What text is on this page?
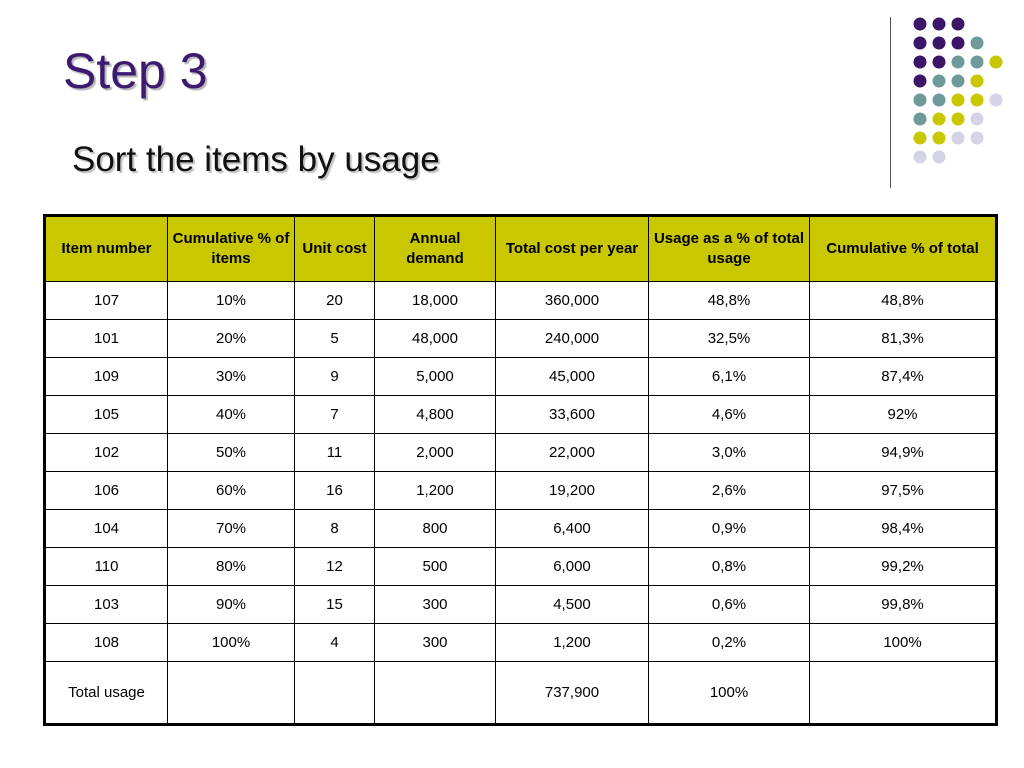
Step 3
Sort the items by usage
Item number	Cumulative % of items	Unit cost	Annual demand	Total cost per year	Usage as a % of total usage	Cumulative % of total
107	10%	20	18,000	360,000	48,8%	48,8%
101	20%	5	48,000	240,000	32,5%	81,3%
109	30%	9	5,000	45,000	6,1%	87,4%
105	40%	7	4,800	33,600	4,6%	92%
102	50%	11	2,000	22,000	3,0%	94,9%
106	60%	16	1,200	19,200	2,6%	97,5%
104	70%	8	800	6,400	0,9%	98,4%
110	80%	12	500	6,000	0,8%	99,2%
103	90%	15	300	4,500	0,6%	99,8%
108	100%	4	300	1,200	0,2%	100%
Total usage				737,900	100%	
